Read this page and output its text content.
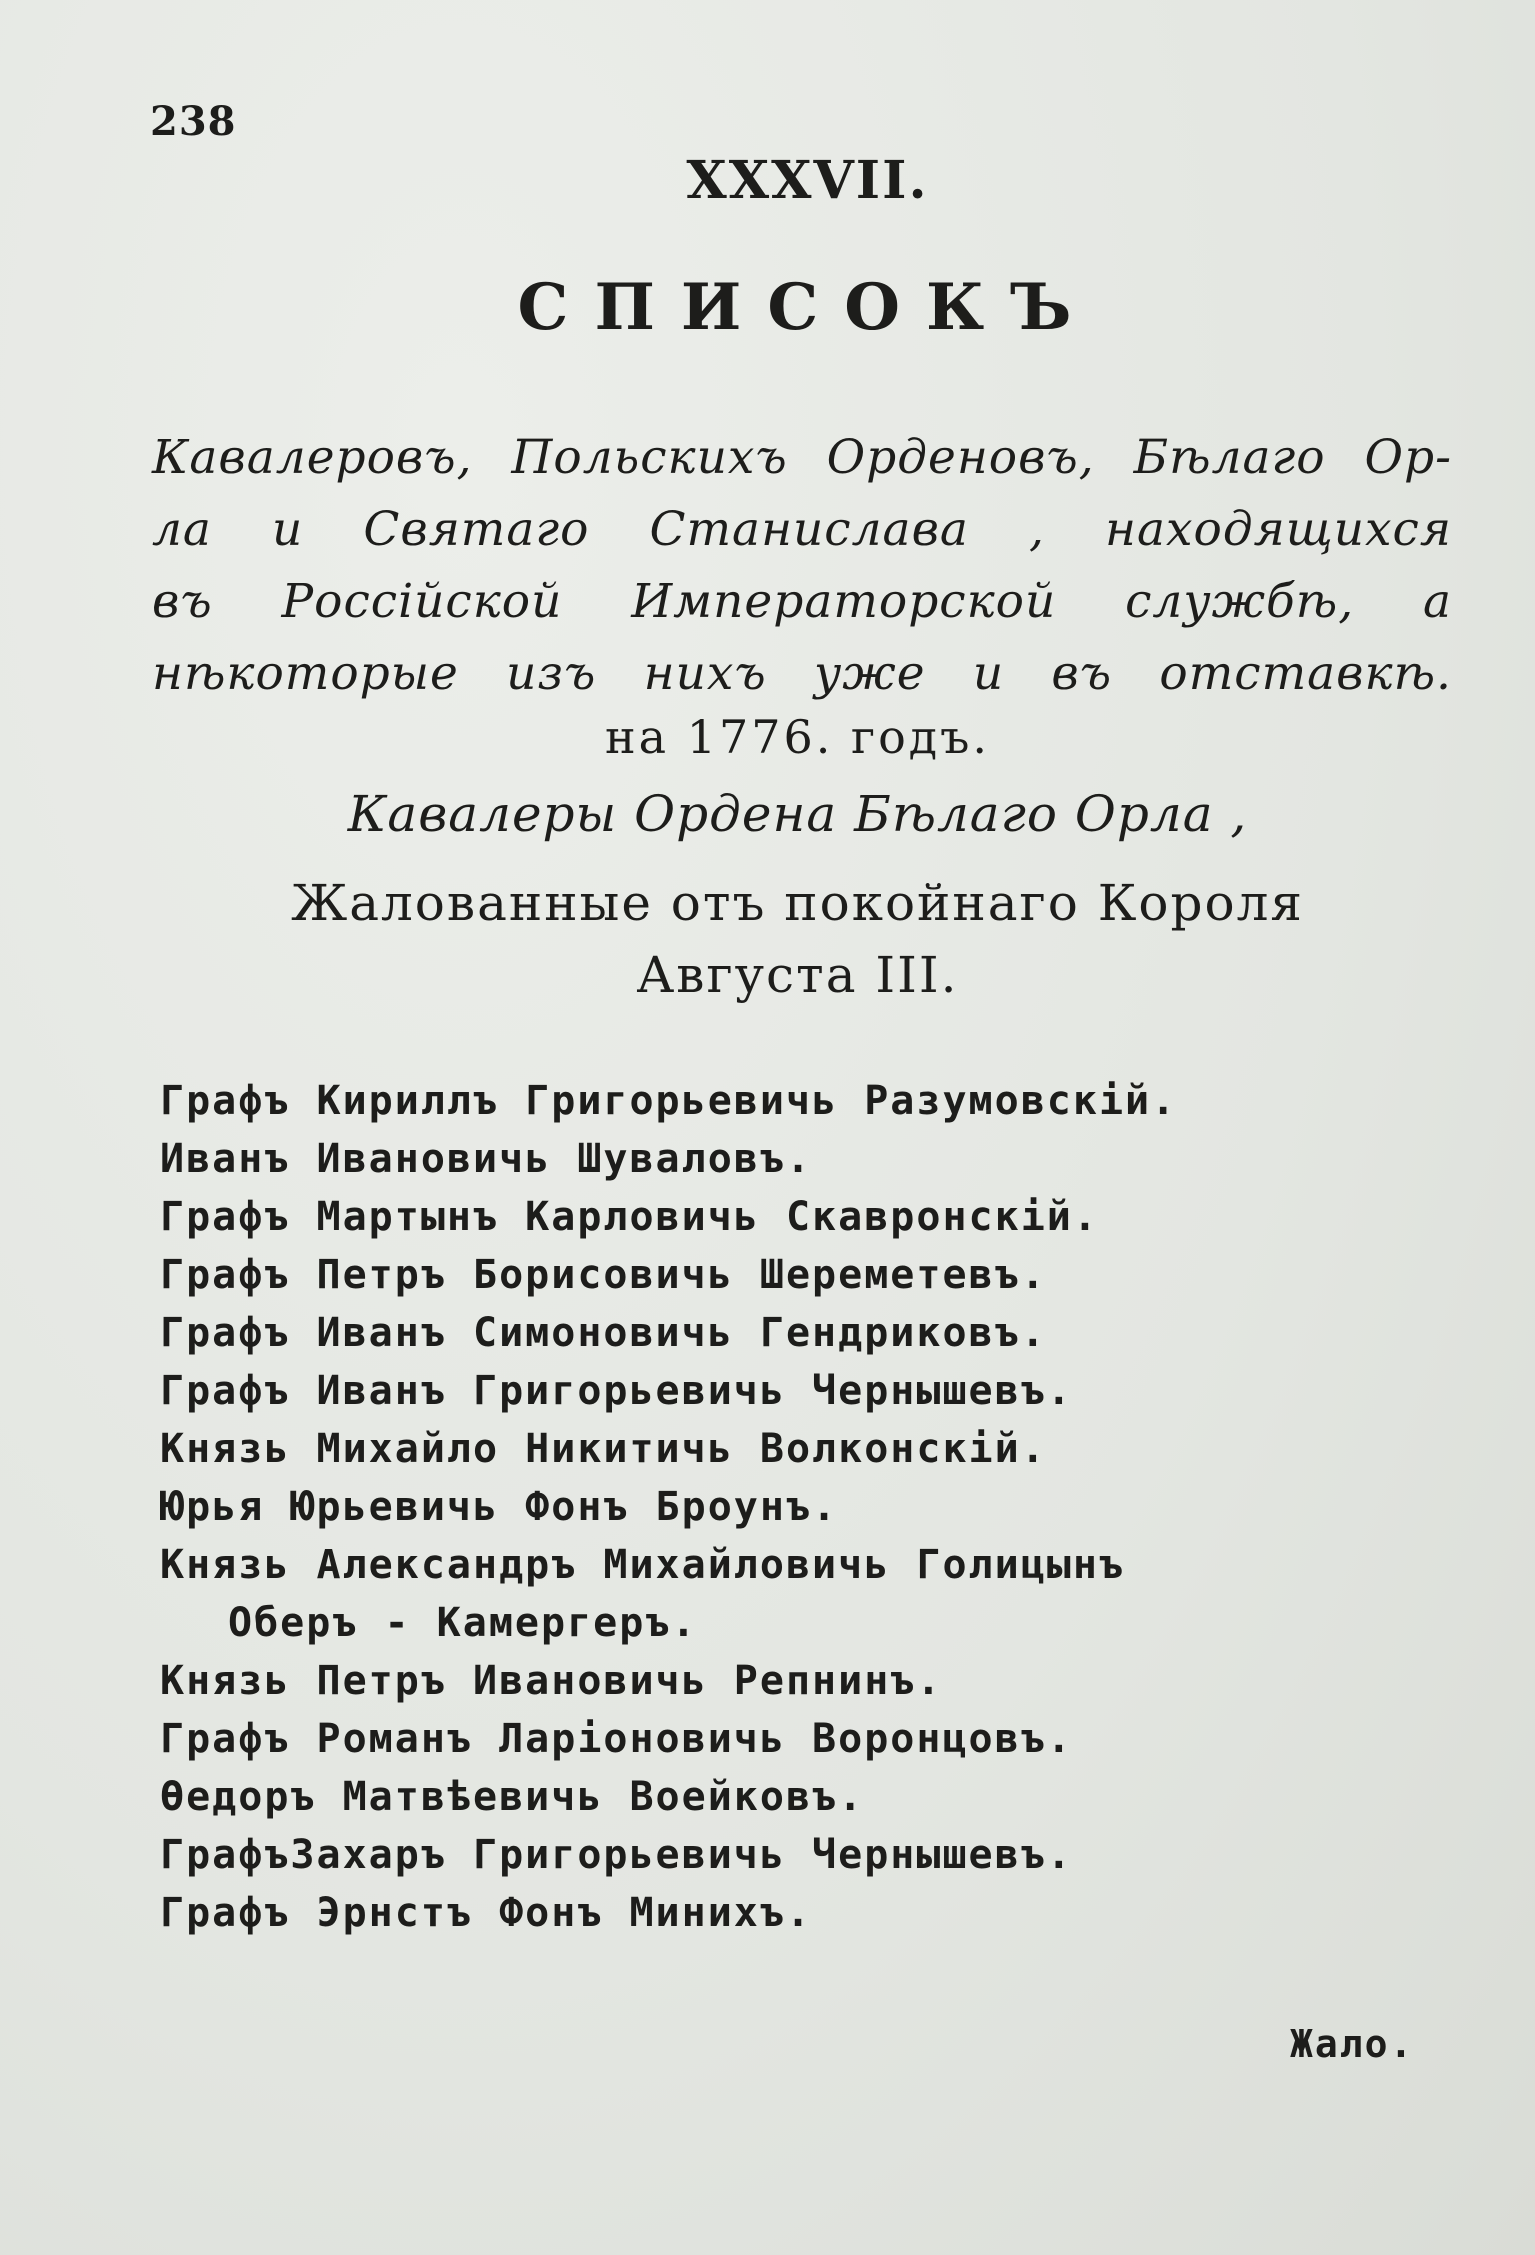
238
XXXVII.
СПИСОКЪ
Кавалеровъ, Польскихъ Орденовъ, Бѣлаго Ор-
ла и Святаго Станислава , находящихся
въ Россійской Императорской службѣ, а
нѣкоторые изъ нихъ уже и въ отставкѣ.
на 1776. годъ.
Кавалеры Ордена Бѣлаго Орла ,
Жалованные отъ покойнаго Короля
Августа III.
Графъ Кириллъ Григорьевичь Разумовскій.
Иванъ Ивановичь Шуваловъ.
Графъ Мартынъ Карловичь Скавронскій.
Графъ Петръ Борисовичь Шереметевъ.
Графъ Иванъ Симоновичь Гендриковъ.
Графъ Иванъ Григорьевичь Чернышевъ.
Князь Михайло Никитичь Волконскій.
Юрья Юрьевичь Фонъ Броунъ.
Князь Александръ Михайловичь Голицынъ
Оберъ - Камергеръ.
Князь Петръ Ивановичь Репнинъ.
Графъ Романъ Ларіоновичь Воронцовъ.
Өедоръ Матвѣевичь Воейковъ.
ГрафъЗахаръ Григорьевичь Чернышевъ.
Графъ Эрнстъ Фонъ Минихъ.
Жало.
